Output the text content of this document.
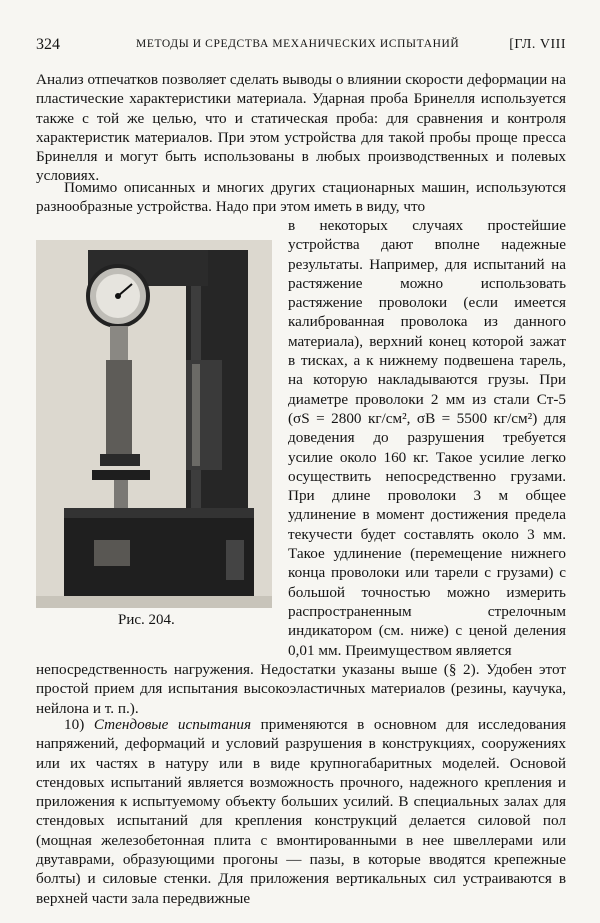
324	МЕТОДЫ И СРЕДСТВА МЕХАНИЧЕСКИХ ИСПЫТАНИЙ	[ГЛ. VIII

Анализ отпечатков позволяет сделать выводы о влиянии скорости деформации на пластические характеристики материала. Ударная проба Бринелля используется также с той же целью, что и статическая проба: для сравнения и контроля характеристик материалов. При этом устройства для такой пробы проще пресса Бринелля и могут быть использованы в любых производственных и полевых условиях.

Помимо описанных и многих других стационарных машин, используются разнообразные устройства. Надо при этом иметь в виду, что

в некоторых случаях простейшие устройства дают вполне надежные результаты. Например, для испытаний на растяжение можно использовать растяжение проволоки (если имеется калиброванная проволока из данного материала), верхний конец которой зажат в тисках, а к нижнему подвешена тарель, на которую накладываются грузы. При диаметре проволоки 2 мм из стали Ст-5 (σS = 2800 кг/см², σB = 5500 кг/см²) для доведения до разрушения требуется усилие около 160 кг. Такое усилие легко осуществить непосредственно грузами. При длине проволоки 3 м общее удлинение в момент достижения предела текучести будет составлять около 3 мм. Такое удлинение (перемещение нижнего конца проволоки или тарели с грузами) с большой точностью можно измерить распространенным стрелочным индикатором (см. ниже) с ценой деления 0,01 мм. Преимуществом является

Рис. 204.

непосредственность нагружения. Недостатки указаны выше (§ 2). Удобен этот простой прием для испытания высокоэластичных материалов (резины, каучука, нейлона и т. п.).

10) Стендовые испытания применяются в основном для исследования напряжений, деформаций и условий разрушения в конструкциях, сооружениях или их частях в натуру или в виде крупногабаритных моделей. Основой стендовых испытаний является возможность прочного, надежного крепления и приложения к испытуемому объекту больших усилий. В специальных залах для стендовых испытаний для крепления конструкций делается силовой пол (мощная железобетонная плита с вмонтированными в нее швеллерами или двутаврами, образующими прогоны — пазы, в которые вводятся крепежные болты) и силовые стенки. Для приложения вертикальных сил устраиваются в верхней части зала передвижные
